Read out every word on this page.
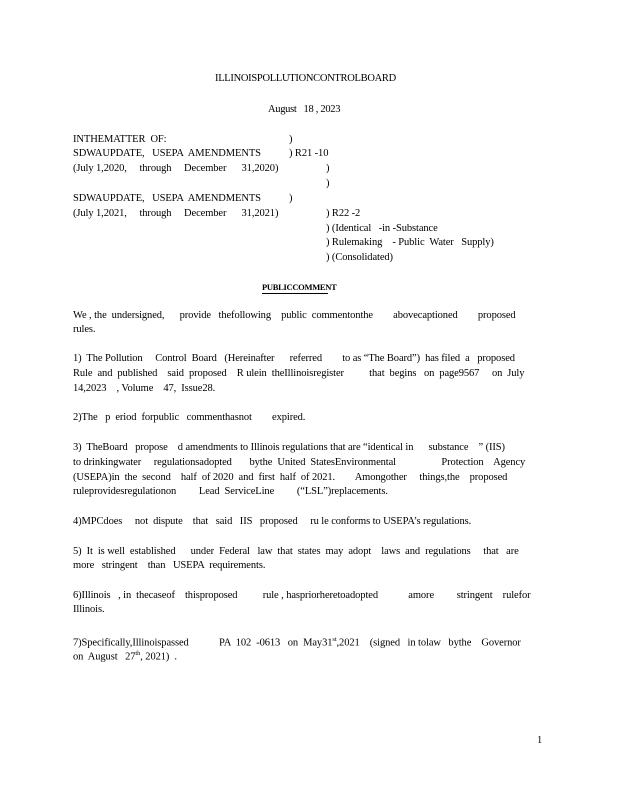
ILLINOISPOLLUTIONCONTROLBOARD
August   18 , 2023
INTHEMATTER  OF:	)
SDWAUPDATE,   USEPA  AMENDMENTS	) R21 -10
(July 1,2020,     through     December      31,2020)	)
)
SDWAUPDATE,   USEPA  AMENDMENTS	)
(July 1,2021,     through     December      31,2021)	) R22 -2
) (Identical   -in -Substance
) Rulemaking    - Public  Water   Supply)
) (Consolidated)
PUBLICCOMMENT
We , the  undersigned,      provide   thefollowing    public  commentonthe        abovecaptioned        proposed
rules.
1)  The Pollution     Control  Board   (Hereinafter      referred        to as “The Board”)  has filed  a   proposed
Rule  and  published    said  proposed    R ulein  theIllinoisregister          that  begins   on  page9567     on  July
14,2023    , Volume    47,  Issue28.
2)The   p  eriod  forpublic   commenthasnot        expired.
3)  TheBoard   propose    d amendments to Illinois regulations that are “identical in      substance    ” (IIS)
to drinkingwater     regulationsadopted       bythe  United  StatesEnvironmental                  Protection    Agency
(USEPA)in  the  second    half  of 2020  and  first  half  of 2021.        Amongother     things,the    proposed
ruleprovidesregulationon         Lead  ServiceLine         (“LSL”)replacements.
4)MPCdoes     not  dispute    that   said   IIS   proposed     ru le conforms to USEPA’s regulations.
5)  It  is well  established      under  Federal   law  that  states  may  adopt    laws  and  regulations     that   are
more   stringent    than   USEPA  requirements.
6)Illinois   , in  thecaseof    thisproposed          rule , haspriorheretoadopted            amore         stringent    rulefor
Illinois.
7)Specifically,Illinoispassed            PA  102  -0613   on  May31st,2021    (signed   in tolaw   bythe    Governor
on  August   27th, 2021)  .
1
